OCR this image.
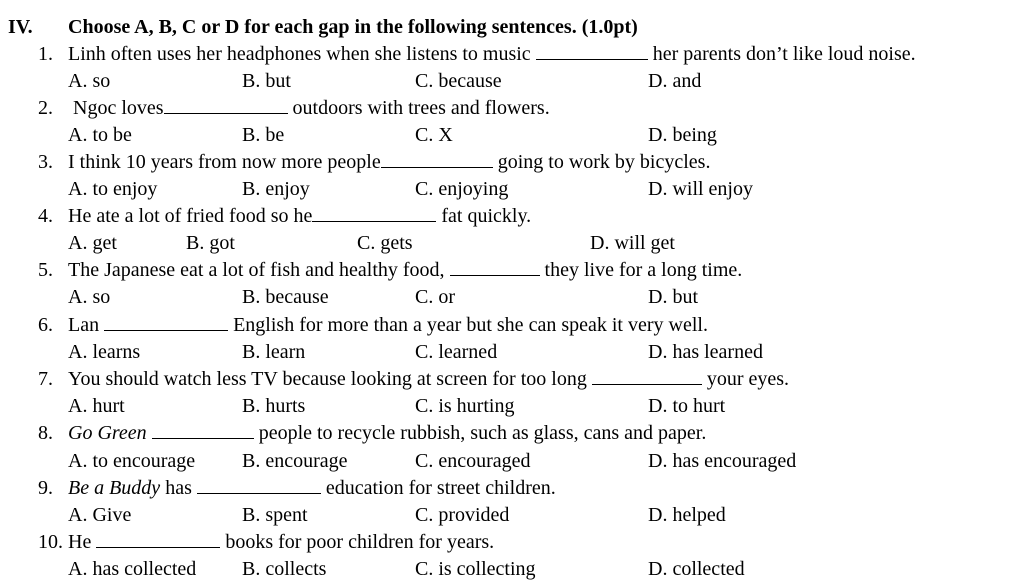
IV. Choose A, B, C or D for each gap in the following sentences. (1.0pt)
1. Linh often uses her headphones when she listens to music	her parents don’t like loud noise.
A. so	B. but	C. because	D. and
2. Ngoc loves	outdoors with trees and flowers.
A. to be	B. be	C. X	D. being
3. I think 10 years from now more people	going to work by bicycles.
A. to enjoy	B. enjoy	C. enjoying	D. will enjoy
4. He ate a lot of fried food so he	fat quickly.
A. get	B. got	C. gets	D. will get
5. The Japanese eat a lot of fish and healthy food,	they live for a long time.
A. so	B. because	C. or	D. but
6. Lan	English for more than a year but she can speak it very well.
A. learns	B. learn	C. learned	D. has learned
7. You should watch less TV because looking at screen for too long	your eyes.
A. hurt	B. hurts	C. is hurting	D. to hurt
8. Go Green	people to recycle rubbish, such as glass, cans and paper.
A. to encourage B. encourage	C. encouraged	D. has encouraged
9. Be a Buddy has	education for street children.
A. Give	B. spent	C. provided	D. helped
10. He	books for poor children for years.
A. has collected B. collects	C. is collecting	D. collected
